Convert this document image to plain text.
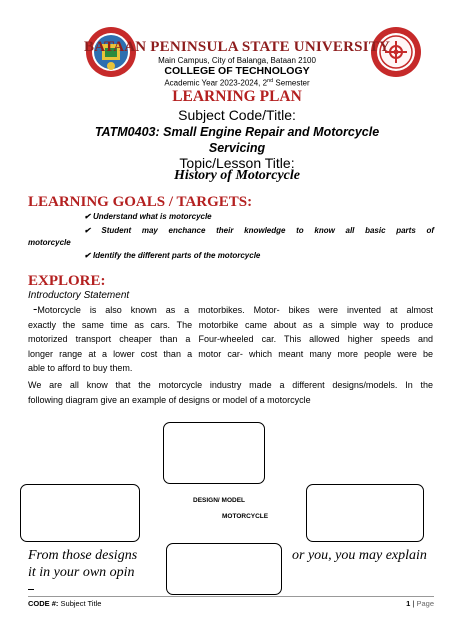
BATAAN PENINSULA STATE UNIVERSITY
Main Campus, City of Balanga, Bataan 2100
COLLEGE OF TECHNOLOGY
Academic Year 2023-2024, 2nd Semester
LEARNING PLAN
Subject Code/Title:
TATM0403: Small Engine Repair and Motorcycle
Servicing
Topic/Lesson Title:
History of Motorcycle
LEARNING GOALS / TARGETS:
✔ Understand what is motorcycle
✔ Student may enchance their knowledge to know all basic parts of
motorcycle
✔ Identify the different parts of the motorcycle
EXPLORE:
Introductory Statement
-Motorcycle is also known as a motorbikes. Motor- bikes were invented at almost
exactly the same time as cars. The motorbike came about as a simple way to produce
motorized transport cheaper than a Four-wheeled car. This allowed higher speeds and
longer range at a lower cost than a motor car- which meant many more people were be
able to afford to buy them.
We are all know that the motorcycle industry made a different designs/models. In the
following diagram give an example of designs or model of a motorcycle
DESIGN/ MODEL
MOTORCYCLE
From those designs	or you, you may explain
it in your own opin
CODE #: Subject Title	1 | Page
